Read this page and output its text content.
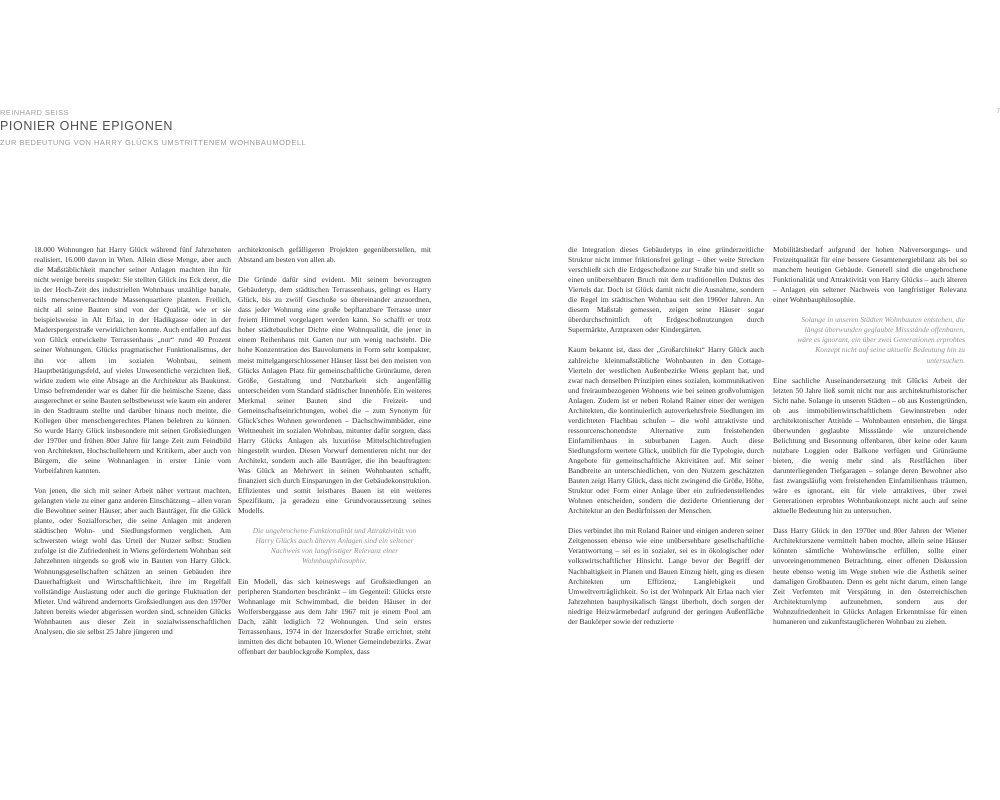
REINHARD SEISS	7
PIONIER OHNE EPIGONEN
ZUR BEDEUTUNG VON HARRY GLÜCKS UMSTRITTENEM WOHNBAUMODELL

18.000 Wohnungen hat Harry Glück während fünf Jahrzehnten realisiert, 16.000 davon in Wien. Allein diese Menge, aber auch die Maßstäblichkeit mancher seiner Anlagen machten ihn für nicht wenige bereits suspekt: Sie stellten Glück ins Eck derer, die in der Hoch-Zeit des industriellen Wohnbaus unzählige banale, teils menschenverachtende Massenquartiere planten. Freilich, nicht all seine Bauten sind von der Qualität, wie er sie beispielsweise in Alt Erlaa, in der Hadikgasse oder in der Maderspergerstraße verwirklichen konnte. Auch entfallen auf das von Glück entwickelte Terrassenhaus „nur“ rund 40 Prozent seiner Wohnungen. Glücks pragmatischer Funktionalismus, der ihn vor allem im sozialen Wohnbau, seinem Hauptbetätigungsfeld, auf vieles Unwesentliche verzichten ließ, wirkte zudem wie eine Absage an die Architektur als Baukunst. Umso befremdender war es daher für die heimische Szene, dass ausgerechnet er seine Bauten selbstbewusst wie kaum ein anderer in den Stadtraum stellte und darüber hinaus noch meinte, die Kollegen über menschengerechtes Planen belehren zu können. So wurde Harry Glück insbesondere mit seinen Großsiedlungen der 1970er und frühen 80er Jahre für lange Zeit zum Feindbild von Architekten, Hochschullehrern und Kritikern, aber auch von Bürgern, die seine Wohnanlagen in erster Linie vom Vorbeifahren kannten.

Von jenen, die sich mit seiner Arbeit näher vertraut machten, gelangten viele zu einer ganz anderen Einschätzung – allen voran die Bewohner seiner Häuser, aber auch Bauträger, für die Glück plante, oder Sozialforscher, die seine Anlagen mit anderen städtischen Wohn- und Siedlungsformen verglichen. Am schwersten wiegt wohl das Urteil der Nutzer selbst: Studien zufolge ist die Zufriedenheit in Wiens gefördertem Wohnbau seit Jahrzehnten nirgends so groß wie in Bauten von Harry Glück. Wohnungsgesellschaften schätzen an seinen Gebäuden ihre Dauerhaftigkeit und Wirtschaftlichkeit, ihre im Regelfall vollständige Auslastung oder auch die geringe Fluktuation der Mieter. Und während andernorts Großsiedlungen aus den 1970er Jahren bereits wieder abgerissen worden sind, schneiden Glücks Wohnbauten aus dieser Zeit in sozialwissenschaftlichen Analysen, die sie selbst 25 Jahre jüngeren und

architektonisch gefälligeren Projekten gegenüberstellen, mit Abstand am besten von allen ab.

Die Gründe dafür sind evident. Mit seinem bevorzugten Gebäudetyp, dem städtischen Terrassenhaus, gelingt es Harry Glück, bis zu zwölf Geschoße so übereinander anzuordnen, dass jeder Wohnung eine große bepflanzbare Terrasse unter freiem Himmel vorgelagert werden kann. So schafft er trotz hoher städtebaulicher Dichte eine Wohnqualität, die jener in einem Reihenhaus mit Garten nur um wenig nachsteht. Die hohe Konzentration des Bauvolumens in Form sehr kompakter, meist mittelgangerschlossener Häuser lässt bei den meisten von Glücks Anlagen Platz für gemeinschaftliche Grünräume, deren Größe, Gestaltung und Nutzbarkeit sich augenfällig unterscheiden vom Standard städtischer Innenhöfe. Ein weiteres Merkmal seiner Bauten sind die Freizeit- und Gemeinschaftseinrichtungen, wobei die – zum Synonym für Glück'sches Wohnen gewordenen – Dachschwimmbäder, eine Weltneuheit im sozialen Wohnbau, mitunter dafür sorgten, dass Harry Glücks Anlagen als luxuriöse Mittelschichtrefugien hingestellt wurden. Diesen Vorwurf dementieren nicht nur der Architekt, sondern auch alle Bauträger, die ihn beauftragten: Was Glück an Mehrwert in seinen Wohnbauten schafft, finanziert sich durch Einsparungen in der Gebäudekonstruktion. Effizientes und somit leistbares Bauen ist ein weiteres Spezifikum, ja geradezu eine Grundvoraussetzung seines Modells.

Die ungebrochene Funktionalität und Attraktivität von Harry Glücks auch älteren Anlagen sind ein seltener Nachweis von langfristiger Relevanz einer Wohnbauphilosophie.

Ein Modell, das sich keineswegs auf Großsiedlungen an peripheren Standorten beschränkt – im Gegenteil: Glücks erste Wohnanlage mit Schwimmbad, die beiden Häuser in der Wolfersberggasse aus dem Jahr 1967 mit je einem Pool am Dach, zählt lediglich 72 Wohnungen. Und sein erstes Terrassenhaus, 1974 in der Inzersdorfer Straße errichtet, steht inmitten des dicht bebauten 10. Wiener Gemeindebezirks. Zwar offenbart der baublockgroße Komplex, dass

die Integration dieses Gebäudetyps in eine gründerzeitliche Struktur nicht immer friktionsfrei gelingt – über weite Strecken verschließt sich die Erdgeschoßzone zur Straße hin und stellt so einen unübersehbaren Bruch mit dem traditionellen Duktus des Viertels dar. Doch ist Glück damit nicht die Ausnahme, sondern die Regel im städtischen Wohnbau seit den 1960er Jahren. An diesem Maßstab gemessen, zeigen seine Häuser sogar überdurchschnittlich oft Erdgeschoßnutzungen durch Supermärkte, Arztpraxen oder Kindergärten.

Kaum bekannt ist, dass der „Großarchitekt“ Harry Glück auch zahlreiche kleinmaßstäbliche Wohnbauten in den Cottage-Vierteln der westlichen Außenbezirke Wiens geplant hat, und zwar nach denselben Prinzipien eines sozialen, kommunikativen und freiraumbezogenen Wohnens wie bei seinen großvolumigen Anlagen. Zudem ist er neben Roland Rainer einer der wenigen Architekten, die kontinuierlich autoverkehrsfreie Siedlungen im verdichteten Flachbau schufen – die wohl attraktivste und ressourcenschonendste Alternative zum freistehenden Einfamilienhaus in suburbanen Lagen. Auch diese Siedlungsform wertete Glück, unüblich für die Typologie, durch Angebote für gemeinschaftliche Aktivitäten auf. Mit seiner Bandbreite an unterschiedlichen, von den Nutzern geschätzten Bauten zeigt Harry Glück, dass nicht zwingend die Größe, Höhe, Struktur oder Form einer Anlage über ein zufriedenstellendes Wohnen entscheiden, sondern die deziderte Orientierung der Architektur an den Bedürfnissen der Menschen.

Dies verbindet ihn mit Roland Rainer und einigen anderen seiner Zeitgenossen ebenso wie eine unübersehbare gesellschaftliche Verantwortung – sei es in sozialer, sei es in ökologischer oder volkswirtschaftlicher Hinsicht. Lange bevor der Begriff der Nachhaltigkeit in Planen und Bauen Einzug hielt, ging es diesen Architekten um Effizienz, Langlebigkeit und Umweltverträglichkeit. So ist der Wohnpark Alt Erlaa nach vier Jahrzehnten bauphysikalisch längst überholt, doch sorgen der niedrige Heizwärmebedarf aufgrund der geringen Außenfläche der Baukörper sowie der reduzierte

Mobilitätsbedarf aufgrund der hohen Nahversorgungs- und Freizeitqualität für eine bessere Gesamtenergiebilanz als bei so manchem heutigen Gebäude. Generell sind die ungebrochene Funktionalität und Attraktivität von Harry Glücks – auch älteren – Anlagen ein seltener Nachweis von langfristiger Relevanz einer Wohnbauphilosophie.

Solange in unseren Städten Wohnbauten entstehen, die längst überwunden geglaubte Missstände offenbaren, wäre es ignorant, ein über zwei Generationen erprobtes Konzept nicht auf seine aktuelle Bedeutung hin zu untersuchen.

Eine sachliche Auseinandersetzung mit Glücks Arbeit der letzten 50 Jahre ließ somit nicht nur aus architekturhistorischer Sicht nahe. Solange in unseren Städten – ob aus Kostengründen, ob aus immobilienwirtschaftlichem Gewinnstreben oder architektonischer Attitüde – Wohnbauten entstehen, die längst überwunden geglaubte Missstände wie unzureichende Belichtung und Besonnung offenbaren, über keine oder kaum nutzbare Loggien oder Balkone verfügen und Grünräume bieten, die wenig mehr sind als Restflächen über darunterliegenden Tiefgaragen – solange deren Bewohner also fast zwangsläufig vom freistehenden Einfamilienhaus träumen, wäre es ignorant, ein für viele attraktives, über zwei Generationen erprobtes Wohnbaukonzept nicht auch auf seine aktuelle Bedeutung hin zu untersuchen.

Dass Harry Glück in den 1970er und 80er Jahren der Wiener Architekturszene vermittelt haben mochte, allein seine Häuser könnten sämtliche Wohnwünsche erfüllen, sollte einer unvoreingenommenen Betrachtung, einer offenen Diskussion heute ebenso wenig im Wege stehen wie die Ästhetik seiner damaligen Großbauten. Denn es geht nicht darum, einen lange Zeit Verfemten mit Verspätung in den österreichischen Architekturolymp aufzunehmen, sondern aus der Wohnzufriedenheit in Glücks Anlagen Erkenntnisse für einen humaneren und zukunftstauglicheren Wohnbau zu ziehen.
